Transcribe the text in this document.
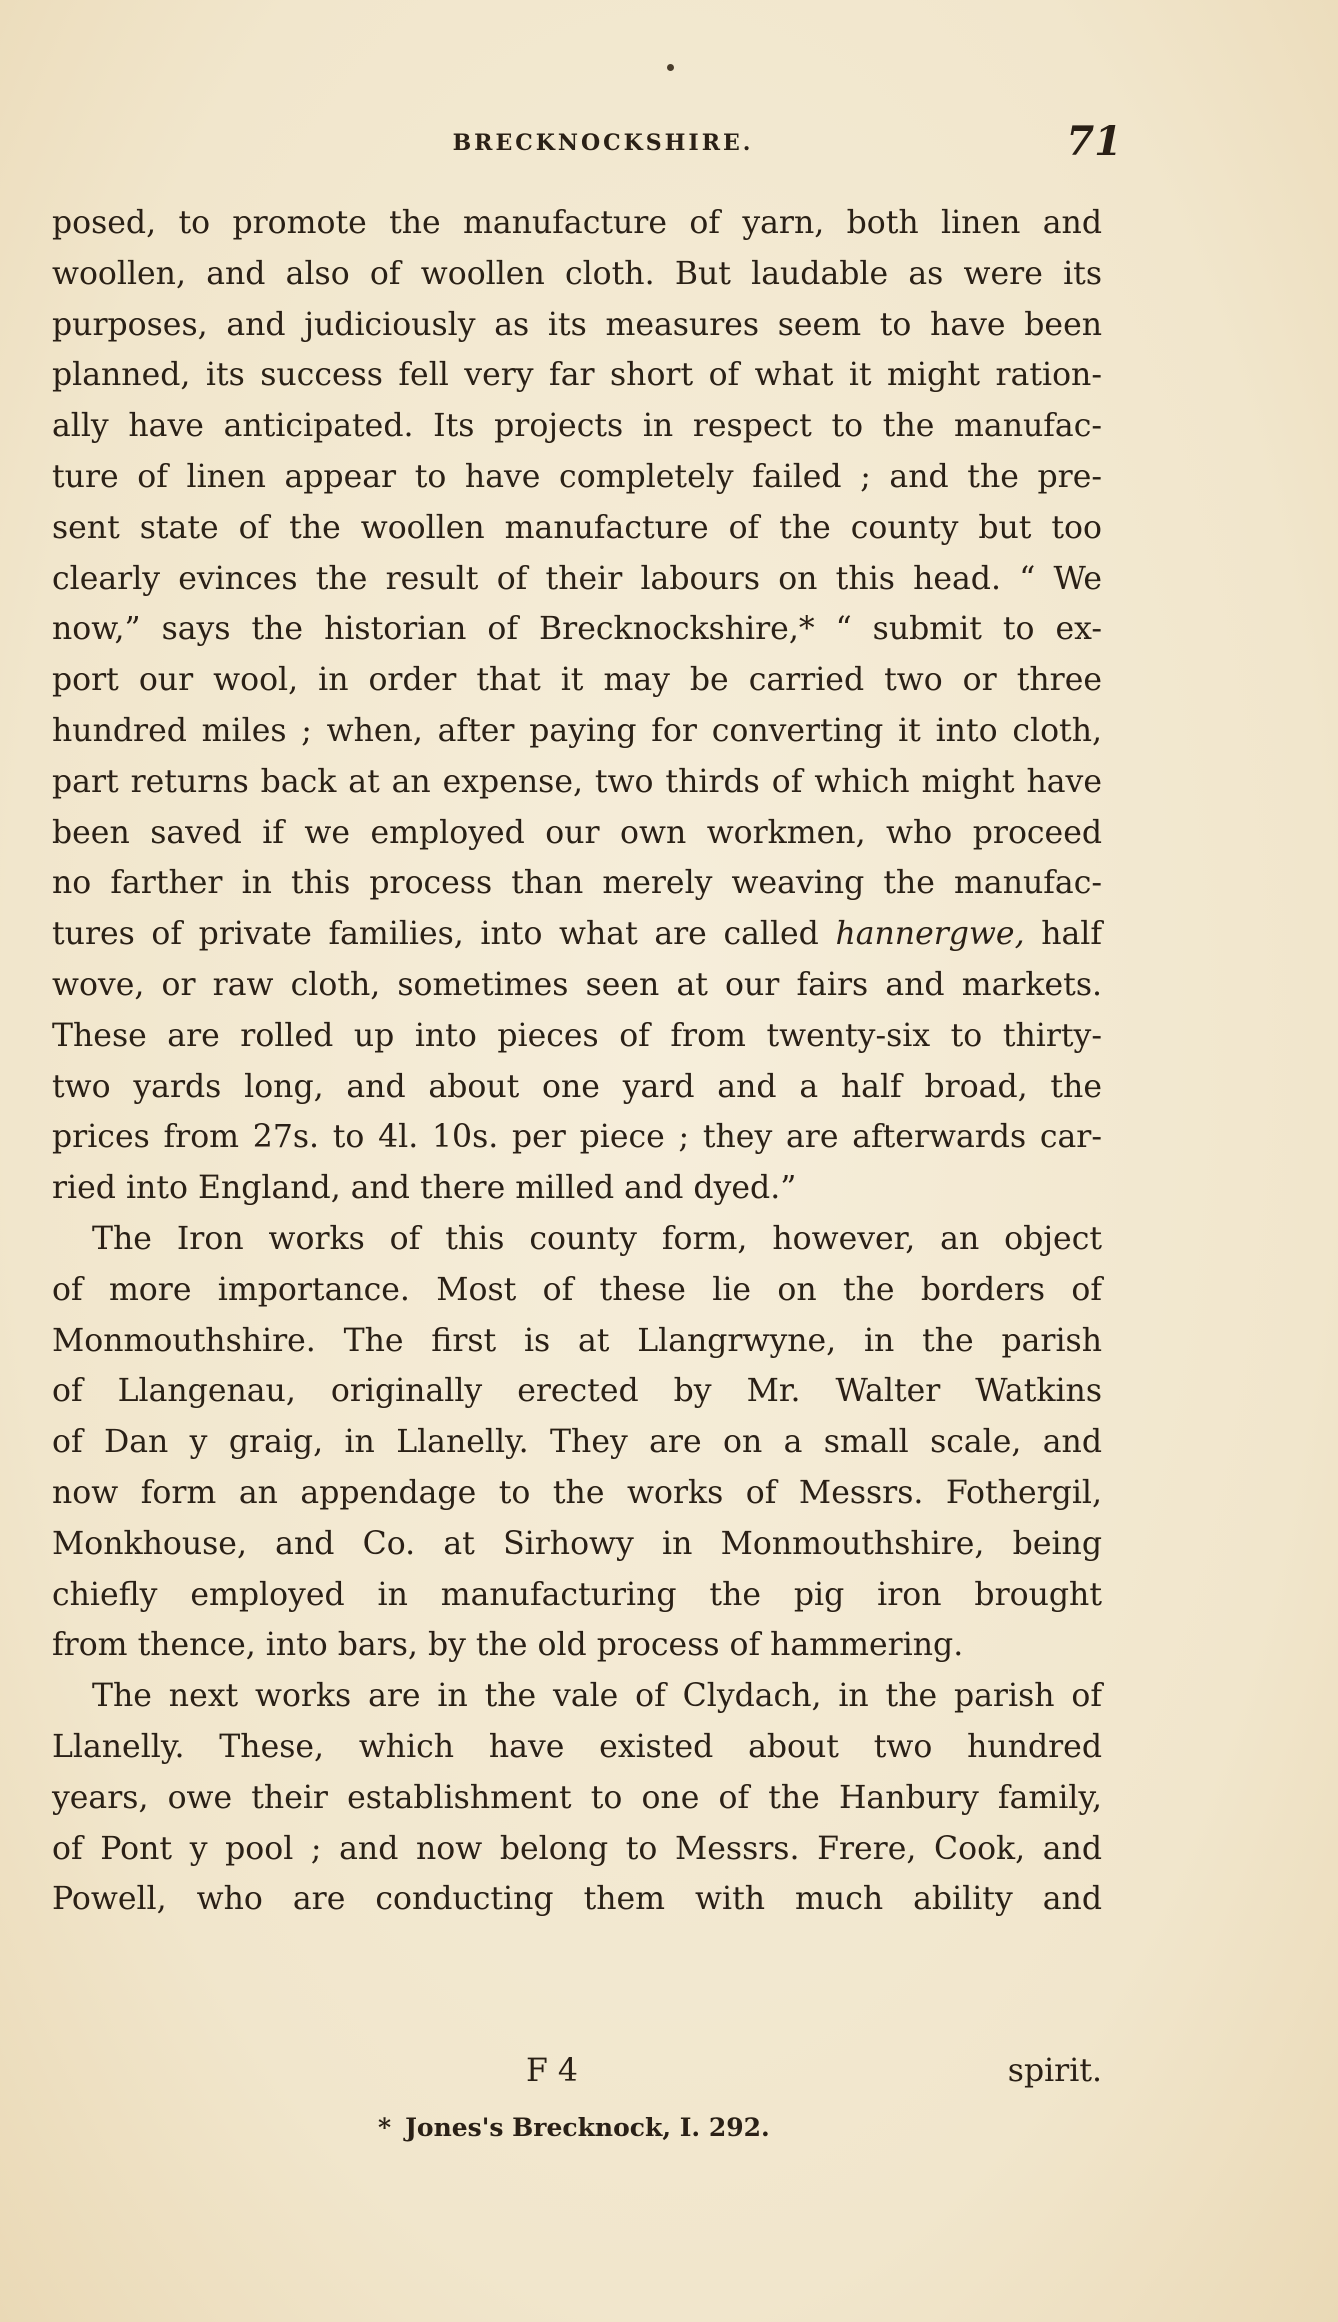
BRECKNOCKSHIRE.	71
posed, to promote the manufacture of yarn, both linen and
woollen, and also of woollen cloth. But laudable as were its
purposes, and judiciously as its measures seem to have been
planned, its success fell very far short of what it might ration-
ally have anticipated. Its projects in respect to the manufac-
ture of linen appear to have completely failed ; and the pre-
sent state of the woollen manufacture of the county but too
clearly evinces the result of their labours on this head. “ We
now,” says the historian of Brecknockshire,* “ submit to ex-
port our wool, in order that it may be carried two or three
hundred miles ; when, after paying for converting it into cloth,
part returns back at an expense, two thirds of which might have
been saved if we employed our own workmen, who proceed
no farther in this process than merely weaving the manufac-
tures of private families, into what are called hannergwe, half
wove, or raw cloth, sometimes seen at our fairs and markets.
These are rolled up into pieces of from twenty-six to thirty-
two yards long, and about one yard and a half broad, the
prices from 27s. to 4l. 10s. per piece ; they are afterwards car-
ried into England, and there milled and dyed.”
The Iron works of this county form, however, an object
of more importance. Most of these lie on the borders of
Monmouthshire. The first is at Llangrwyne, in the parish
of Llangenau, originally erected by Mr. Walter Watkins
of Dan y graig, in Llanelly. They are on a small scale, and
now form an appendage to the works of Messrs. Fothergil,
Monkhouse, and Co. at Sirhowy in Monmouthshire, being
chiefly employed in manufacturing the pig iron brought
from thence, into bars, by the old process of hammering.
The next works are in the vale of Clydach, in the parish of
Llanelly. These, which have existed about two hundred
years, owe their establishment to one of the Hanbury family,
of Pont y pool ; and now belong to Messrs. Frere, Cook, and
Powell, who are conducting them with much ability and
F 4	spirit.
* Jones's Brecknock, I. 292.
